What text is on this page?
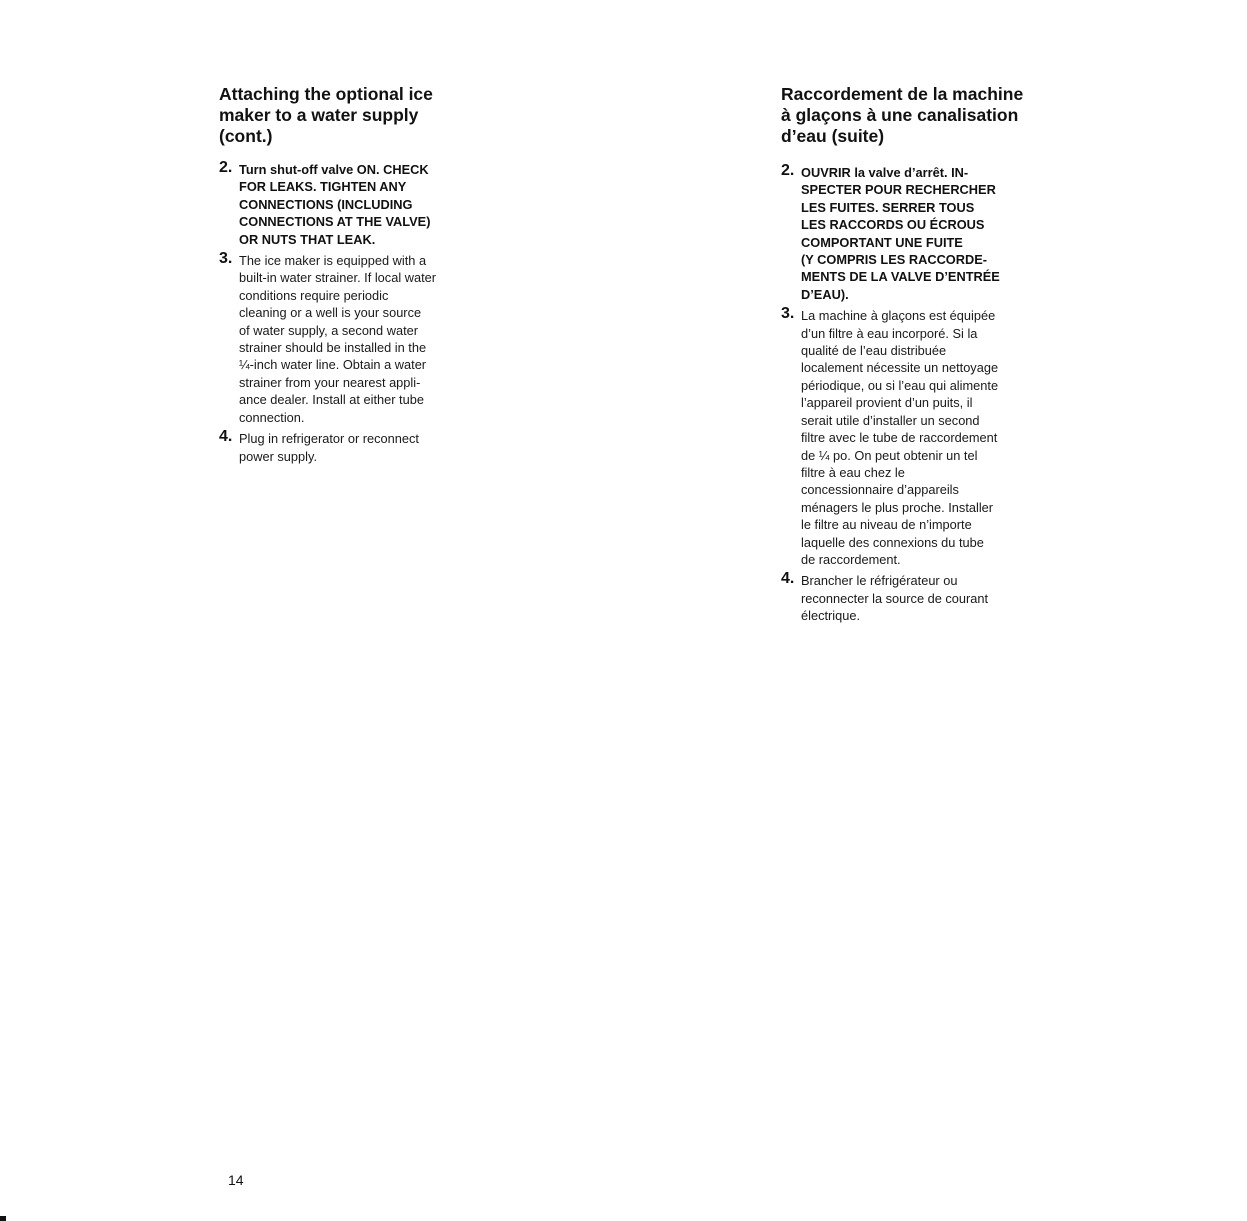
Attaching the optional ice
maker to a water supply
(cont.)
2. Turn shut-off valve ON. CHECK
FOR LEAKS. TIGHTEN ANY
CONNECTIONS (INCLUDING
CONNECTIONS AT THE VALVE)
OR NUTS THAT LEAK.
3. The ice maker is equipped with a
built-in water strainer. If local water
conditions require periodic
cleaning or a well is your source
of water supply, a second water
strainer should be installed in the
¼-inch water line. Obtain a water
strainer from your nearest appli-
ance dealer. Install at either tube
connection.
4. Plug in refrigerator or reconnect
power supply.
Raccordement de la machine
à glaçons à une canalisation
d’eau (suite)
2. OUVRIR la valve d’arrêt. IN-
SPECTER POUR RECHERCHER
LES FUITES. SERRER TOUS
LES RACCORDS OU ÉCROUS
COMPORTANT UNE FUITE
(Y COMPRIS LES RACCORDE-
MENTS DE LA VALVE D’ENTRÉE
D’EAU).
3. La machine à glaçons est équipée
d’un filtre à eau incorporé. Si la
qualité de l’eau distribuée
localement nécessite un nettoyage
périodique, ou si l’eau qui alimente
l’appareil provient d’un puits, il
serait utile d’installer un second
filtre avec le tube de raccordement
de ¼ po. On peut obtenir un tel
filtre à eau chez le
concessionnaire d’appareils
ménagers le plus proche. Installer
le filtre au niveau de n’importe
laquelle des connexions du tube
de raccordement.
4. Brancher le réfrigérateur ou
reconnecter la source de courant
électrique.
14
